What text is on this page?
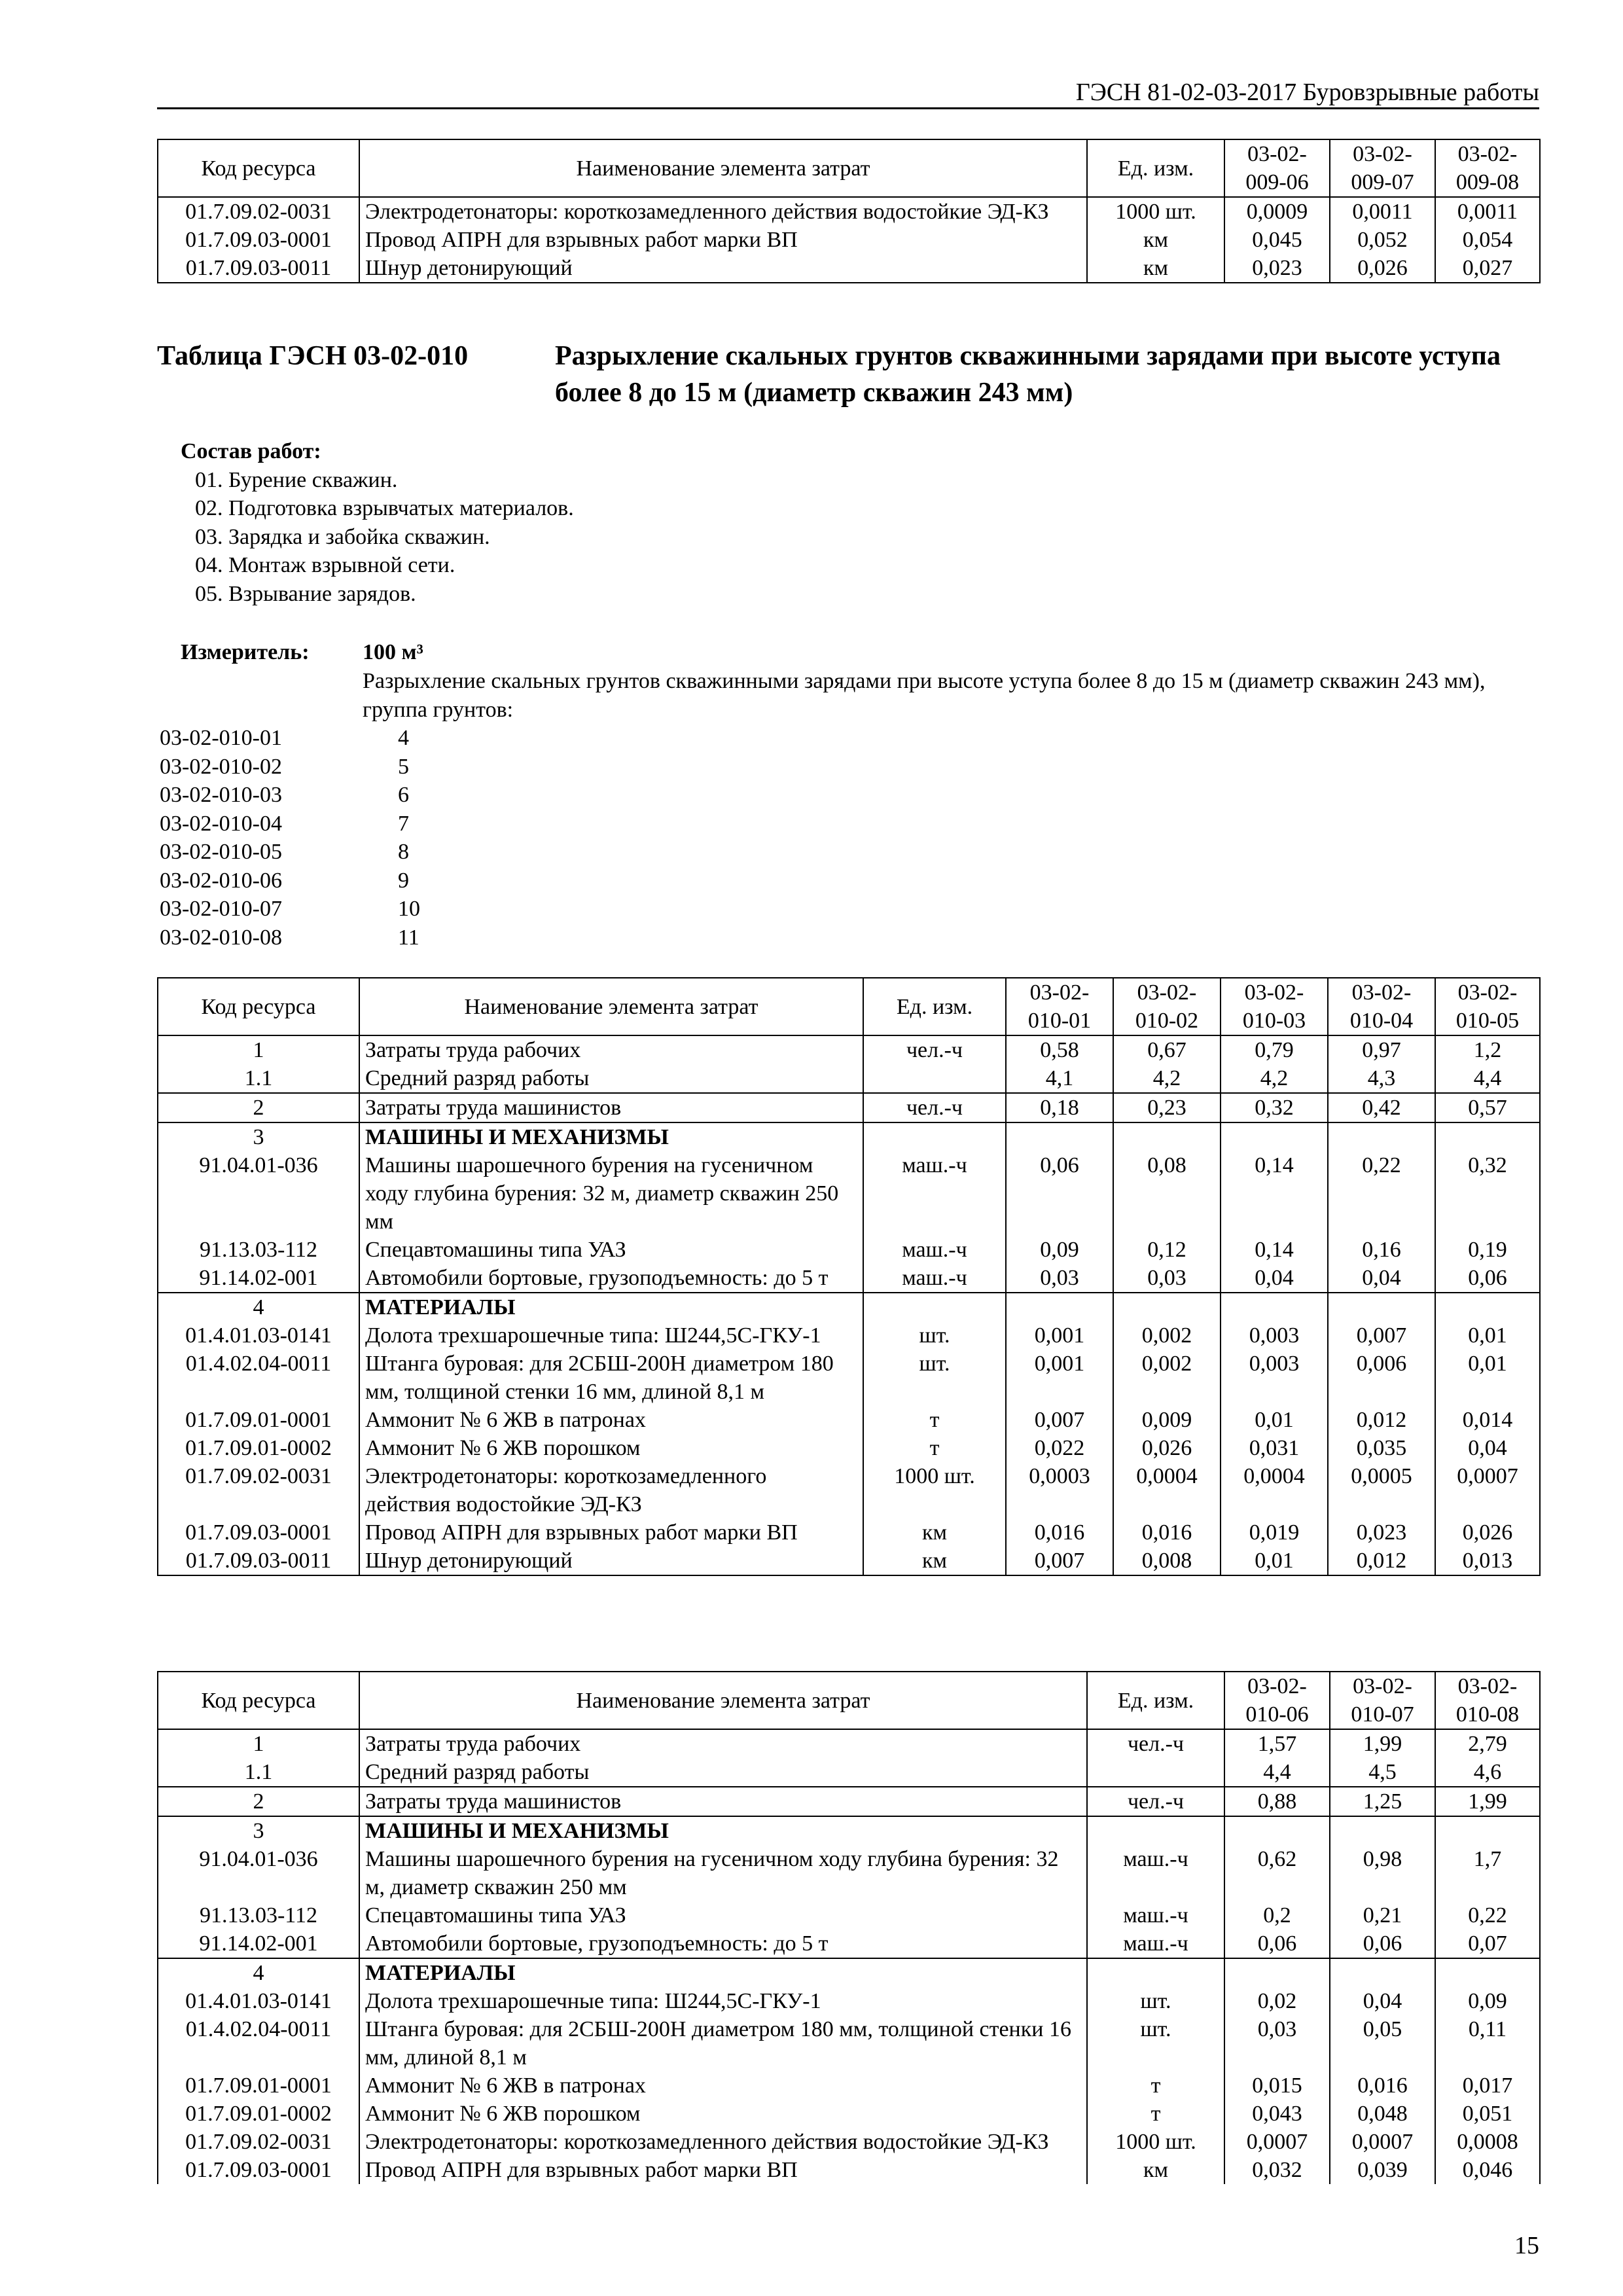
ГЭСН 81-02-03-2017 Буровзрывные работы
Код ресурса	Наименование элемента затрат	Ед. изм.	03-02-009-06	03-02-009-07	03-02-009-08
01.7.09.02-0031	Электродетонаторы: короткозамедленного действия водостойкие ЭД-КЗ	1000 шт.	0,0009	0,0011	0,0011
01.7.09.03-0001	Провод АПРН для взрывных работ марки ВП	км	0,045	0,052	0,054
01.7.09.03-0011	Шнур детонирующий	км	0,023	0,026	0,027
Таблица ГЭСН 03-02-010	Разрыхление скальных грунтов скважинными зарядами при высоте уступа более 8 до 15 м (диаметр скважин 243 мм)
Состав работ:
01. Бурение скважин.
02. Подготовка взрывчатых материалов.
03. Зарядка и забойка скважин.
04. Монтаж взрывной сети.
05. Взрывание зарядов.
Измеритель: 100 м³
Разрыхление скальных грунтов скважинными зарядами при высоте уступа более 8 до 15 м (диаметр скважин 243 мм), группа грунтов:
03-02-010-01	4
03-02-010-02	5
03-02-010-03	6
03-02-010-04	7
03-02-010-05	8
03-02-010-06	9
03-02-010-07	10
03-02-010-08	11
Код ресурса	Наименование элемента затрат	Ед. изм.	03-02-010-01	03-02-010-02	03-02-010-03	03-02-010-04	03-02-010-05
1	Затраты труда рабочих	чел.-ч	0,58	0,67	0,79	0,97	1,2
1.1	Средний разряд работы		4,1	4,2	4,2	4,3	4,4
2	Затраты труда машинистов	чел.-ч	0,18	0,23	0,32	0,42	0,57
3	МАШИНЫ И МЕХАНИЗМЫ						
91.04.01-036	Машины шарошечного бурения на гусеничном ходу глубина бурения: 32 м, диаметр скважин 250 мм	маш.-ч	0,06	0,08	0,14	0,22	0,32
91.13.03-112	Спецавтомашины типа УАЗ	маш.-ч	0,09	0,12	0,14	0,16	0,19
91.14.02-001	Автомобили бортовые, грузоподъемность: до 5 т	маш.-ч	0,03	0,03	0,04	0,04	0,06
4	МАТЕРИАЛЫ						
01.4.01.03-0141	Долота трехшарошечные типа: Ш244,5С-ГКУ-1	шт.	0,001	0,002	0,003	0,007	0,01
01.4.02.04-0011	Штанга буровая: для 2СБШ-200Н диаметром 180 мм, толщиной стенки 16 мм, длиной 8,1 м	шт.	0,001	0,002	0,003	0,006	0,01
01.7.09.01-0001	Аммонит № 6 ЖВ в патронах	т	0,007	0,009	0,01	0,012	0,014
01.7.09.01-0002	Аммонит № 6 ЖВ порошком	т	0,022	0,026	0,031	0,035	0,04
01.7.09.02-0031	Электродетонаторы: короткозамедленного действия водостойкие ЭД-КЗ	1000 шт.	0,0003	0,0004	0,0004	0,0005	0,0007
01.7.09.03-0001	Провод АПРН для взрывных работ марки ВП	км	0,016	0,016	0,019	0,023	0,026
01.7.09.03-0011	Шнур детонирующий	км	0,007	0,008	0,01	0,012	0,013
Код ресурса	Наименование элемента затрат	Ед. изм.	03-02-010-06	03-02-010-07	03-02-010-08
1	Затраты труда рабочих	чел.-ч	1,57	1,99	2,79
1.1	Средний разряд работы		4,4	4,5	4,6
2	Затраты труда машинистов	чел.-ч	0,88	1,25	1,99
3	МАШИНЫ И МЕХАНИЗМЫ				
91.04.01-036	Машины шарошечного бурения на гусеничном ходу глубина бурения: 32 м, диаметр скважин 250 мм	маш.-ч	0,62	0,98	1,7
91.13.03-112	Спецавтомашины типа УАЗ	маш.-ч	0,2	0,21	0,22
91.14.02-001	Автомобили бортовые, грузоподъемность: до 5 т	маш.-ч	0,06	0,06	0,07
4	МАТЕРИАЛЫ				
01.4.01.03-0141	Долота трехшарошечные типа: Ш244,5С-ГКУ-1	шт.	0,02	0,04	0,09
01.4.02.04-0011	Штанга буровая: для 2СБШ-200Н диаметром 180 мм, толщиной стенки 16 мм, длиной 8,1 м	шт.	0,03	0,05	0,11
01.7.09.01-0001	Аммонит № 6 ЖВ в патронах	т	0,015	0,016	0,017
01.7.09.01-0002	Аммонит № 6 ЖВ порошком	т	0,043	0,048	0,051
01.7.09.02-0031	Электродетонаторы: короткозамедленного действия водостойкие ЭД-КЗ	1000 шт.	0,0007	0,0007	0,0008
01.7.09.03-0001	Провод АПРН для взрывных работ марки ВП	км	0,032	0,039	0,046
15
